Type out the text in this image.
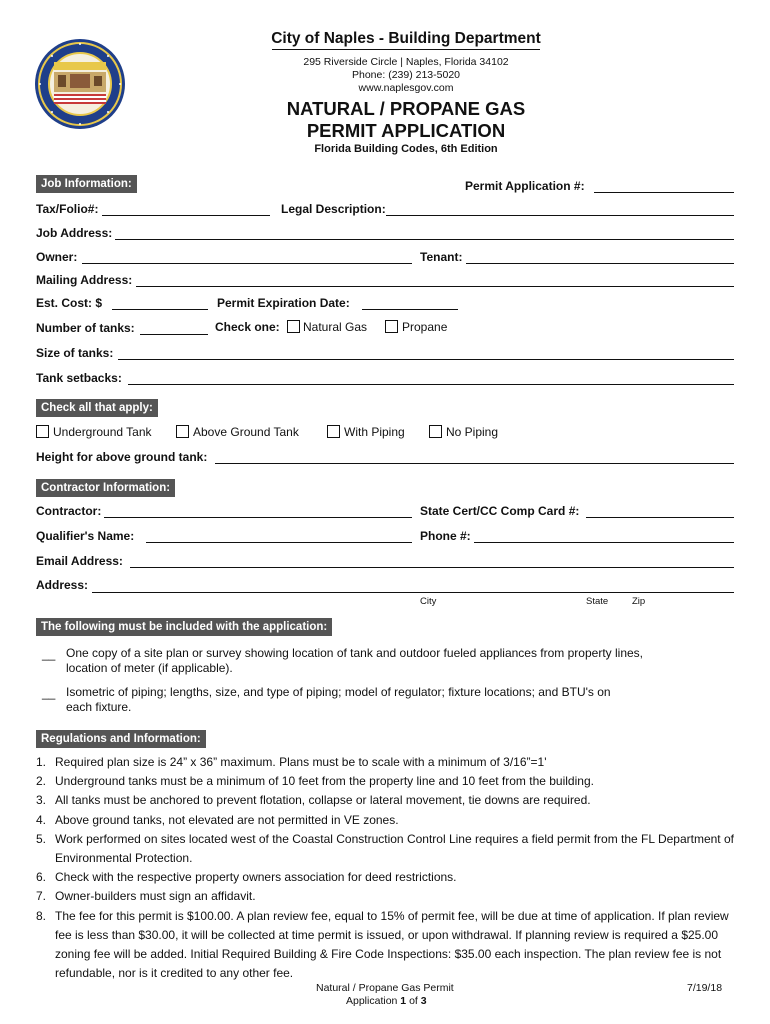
City of Naples - Building Department
295 Riverside Circle | Naples, Florida 34102
Phone: (239) 213-5020
www.naplesgov.com
NATURAL / PROPANE GAS
PERMIT APPLICATION
Florida Building Codes, 6th Edition
Job Information:	Permit Application #:
Tax/Folio#:	Legal Description:
Job Address:
Owner:	Tenant:
Mailing Address:
Est. Cost: $	Permit Expiration Date:
Number of tanks:	Check one: Natural Gas	Propane
Size of tanks:
Tank setbacks:
Check all that apply:
Underground Tank	Above Ground Tank	With Piping	No Piping
Height for above ground tank:
Contractor Information:
Contractor:	State Cert/CC Comp Card #:
Qualifier's Name:	Phone #:
Email Address:
Address:
City	State	Zip
The following must be included with the application:
__ One copy of a site plan or survey showing location of tank and outdoor fueled appliances from property lines,
location of meter (if applicable).
__ Isometric of piping; lengths, size, and type of piping; model of regulator; fixture locations; and BTU's on
each fixture.
Regulations and Information:
1. Required plan size is 24” x 36” maximum. Plans must be to scale with a minimum of 3/16”=1'
2. Underground tanks must be a minimum of 10 feet from the property line and 10 feet from the building.
3. All tanks must be anchored to prevent flotation, collapse or lateral movement, tie downs are required.
4. Above ground tanks, not elevated are not permitted in VE zones.
5. Work performed on sites located west of the Coastal Construction Control Line requires a field permit from the FL Department of Environmental Protection.
6. Check with the respective property owners association for deed restrictions.
7. Owner-builders must sign an affidavit.
8. The fee for this permit is $100.00. A plan review fee, equal to 15% of permit fee, will be due at time of application. If plan review fee is less than $30.00, it will be collected at time permit is issued, or upon withdrawal. If planning review is required a $25.00 zoning fee will be added. Initial Required Building & Fire Code Inspections: $35.00 each inspection. The plan review fee is not refundable, nor is it credited to any other fee.
Natural / Propane Gas Permit
Application 1 of 3
7/19/18
